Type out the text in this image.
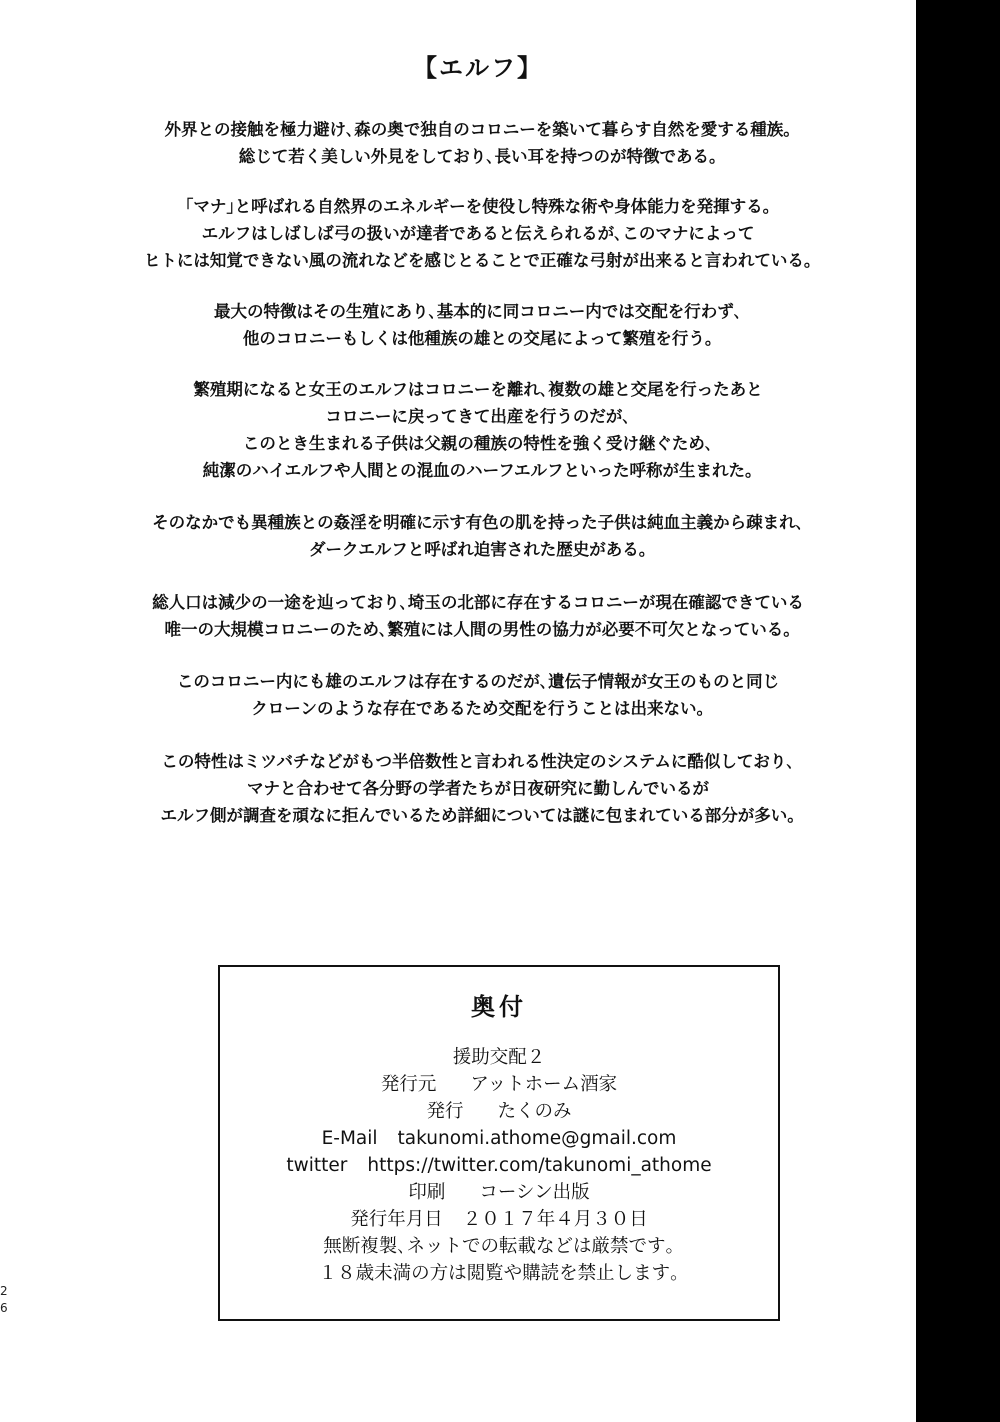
2
6
【エルフ】
外界との接触を極力避け､森の奥で独自のコロニーを築いて暮らす自然を愛する種族｡
総じて若く美しい外見をしており､長い耳を持つのが特徴である｡
｢マナ｣と呼ばれる自然界のエネルギーを使役し特殊な術や身体能力を発揮する｡
エルフはしばしば弓の扱いが達者であると伝えられるが､このマナによって
ヒトには知覚できない風の流れなどを感じとることで正確な弓射が出来ると言われている｡
最大の特徴はその生殖にあり､基本的に同コロニー内では交配を行わず､
他のコロニーもしくは他種族の雄との交尾によって繁殖を行う｡
繁殖期になると女王のエルフはコロニーを離れ､複数の雄と交尾を行ったあと
コロニーに戻ってきて出産を行うのだが､
このとき生まれる子供は父親の種族の特性を強く受け継ぐため､
純潔のハイエルフや人間との混血のハーフエルフといった呼称が生まれた｡
そのなかでも異種族との姦淫を明確に示す有色の肌を持った子供は純血主義から疎まれ､
ダークエルフと呼ばれ迫害された歴史がある｡
総人口は減少の一途を辿っており､埼玉の北部に存在するコロニーが現在確認できている
唯一の大規模コロニーのため､繁殖には人間の男性の協力が必要不可欠となっている｡
このコロニー内にも雄のエルフは存在するのだが､遺伝子情報が女王のものと同じ
クローンのような存在であるため交配を行うことは出来ない｡
この特性はミツバチなどがもつ半倍数性と言われる性決定のシステムに酷似しており､
マナと合わせて各分野の学者たちが日夜研究に勤しんでいるが
エルフ側が調査を頑なに拒んでいるため詳細については謎に包まれている部分が多い｡
奥付
援助交配２
発行元 アットホーム酒家
発行 たくのみ
E-Mail takunomi.athome@gmail.com
twitter https://twitter.com/takunomi_athome
印刷 コーシン出版
発行年月日 ２０１７年４月３０日
無断複製､ネットでの転載などは厳禁です｡
１８歳未満の方は閲覧や購読を禁止します｡
